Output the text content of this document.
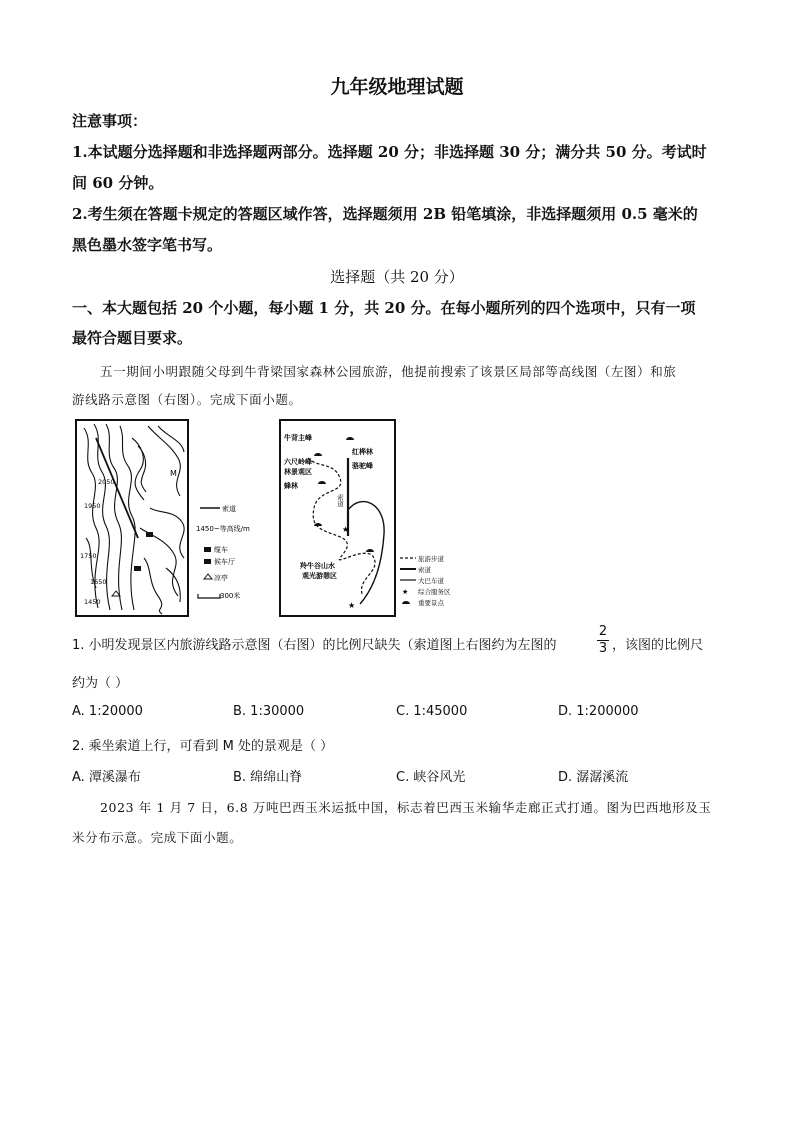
九年级地理试题
注意事项：
1.本试题分选择题和非选择题两部分。选择题 20 分；非选择题 30 分；满分共 50 分。考试时
间 60 分钟。
2.考生须在答题卡规定的答题区域作答，选择题须用 2B 铅笔填涂，非选择题须用 0.5 毫米的
黑色墨水签字笔书写。
选择题（共 20 分）
一、本大题包括 20 个小题，每小题 1 分，共 20 分。在每小题所列的四个选项中，只有一项
最符合题目要求。
五一期间小明跟随父母到牛背梁国家森林公园旅游，他提前搜索了该景区局部等高线图（左图）和旅
游线路示意图（右图）。完成下面小题。
2050
1950
1750
1450
1650
M
索道
1450~等高线/m
缆车
候车厅
凉亭
300米
牛背主峰
红桦林
六尺岭峰
林景观区
骆驼峰
蜂林
索道
羚牛谷山水
观光游憩区
★
★
旅游步道
索道
大巴车道
★ 综合服务区
重要景点
1. 小明发现景区内旅游线路示意图（右图）的比例尺缺失（索道图上右图约为左图的
2
3 ，该图的比例尺
约为（ ）
A. 1:20000	B. 1:30000	C. 1:45000	D. 1:200000
2. 乘坐索道上行，可看到 M 处的景观是（ ）
A. 潭溪瀑布	B. 绵绵山脊	C. 峡谷风光	D. 潺潺溪流
2023 年 1 月 7 日，6.8 万吨巴西玉米运抵中国，标志着巴西玉米输华走廊正式打通。图为巴西地形及玉
米分布示意。完成下面小题。
